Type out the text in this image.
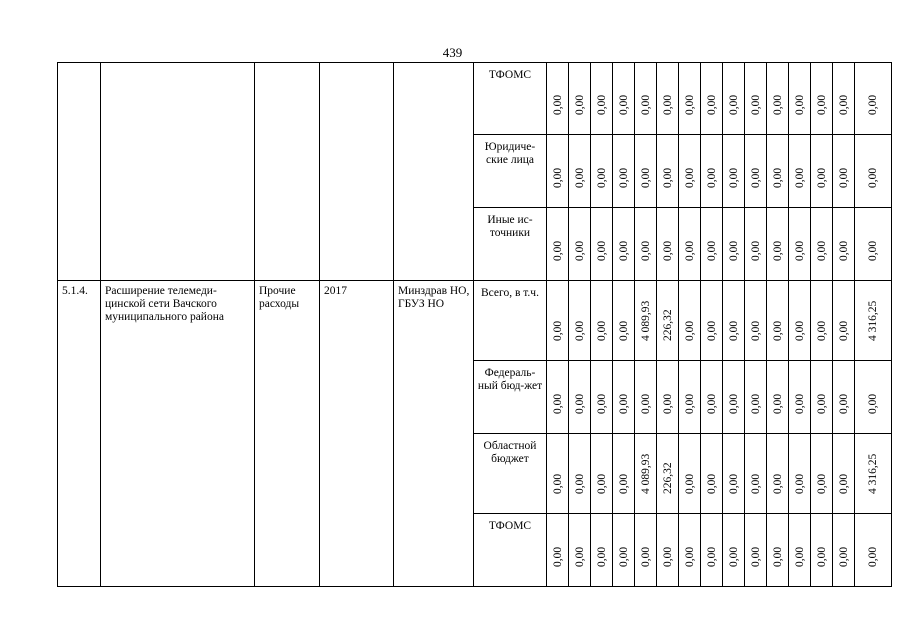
439
					ТФОМС	0,00	0,00	0,00	0,00	0,00	0,00	0,00	0,00	0,00	0,00	0,00	0,00	0,00	0,00	0,00

					Юридиче-ские лица	0,00	0,00	0,00	0,00	0,00	0,00	0,00	0,00	0,00	0,00	0,00	0,00	0,00	0,00	0,00

					Иные ис-точники	0,00	0,00	0,00	0,00	0,00	0,00	0,00	0,00	0,00	0,00	0,00	0,00	0,00	0,00	0,00

5.1.4.	Расширение телемеди-цинской сети Вачского муниципального района	Прочие расходы	2017	Минздрав НО, ГБУЗ НО	Всего, в т.ч.	0,00	0,00	0,00	0,00	4 089,93	226,32	0,00	0,00	0,00	0,00	0,00	0,00	0,00	0,00	4 316,25

					Федераль-ный бюд-жет	0,00	0,00	0,00	0,00	0,00	0,00	0,00	0,00	0,00	0,00	0,00	0,00	0,00	0,00	0,00

					Областной бюджет	0,00	0,00	0,00	0,00	4 089,93	226,32	0,00	0,00	0,00	0,00	0,00	0,00	0,00	0,00	4 316,25

					ТФОМС	0,00	0,00	0,00	0,00	0,00	0,00	0,00	0,00	0,00	0,00	0,00	0,00	0,00	0,00	0,00
